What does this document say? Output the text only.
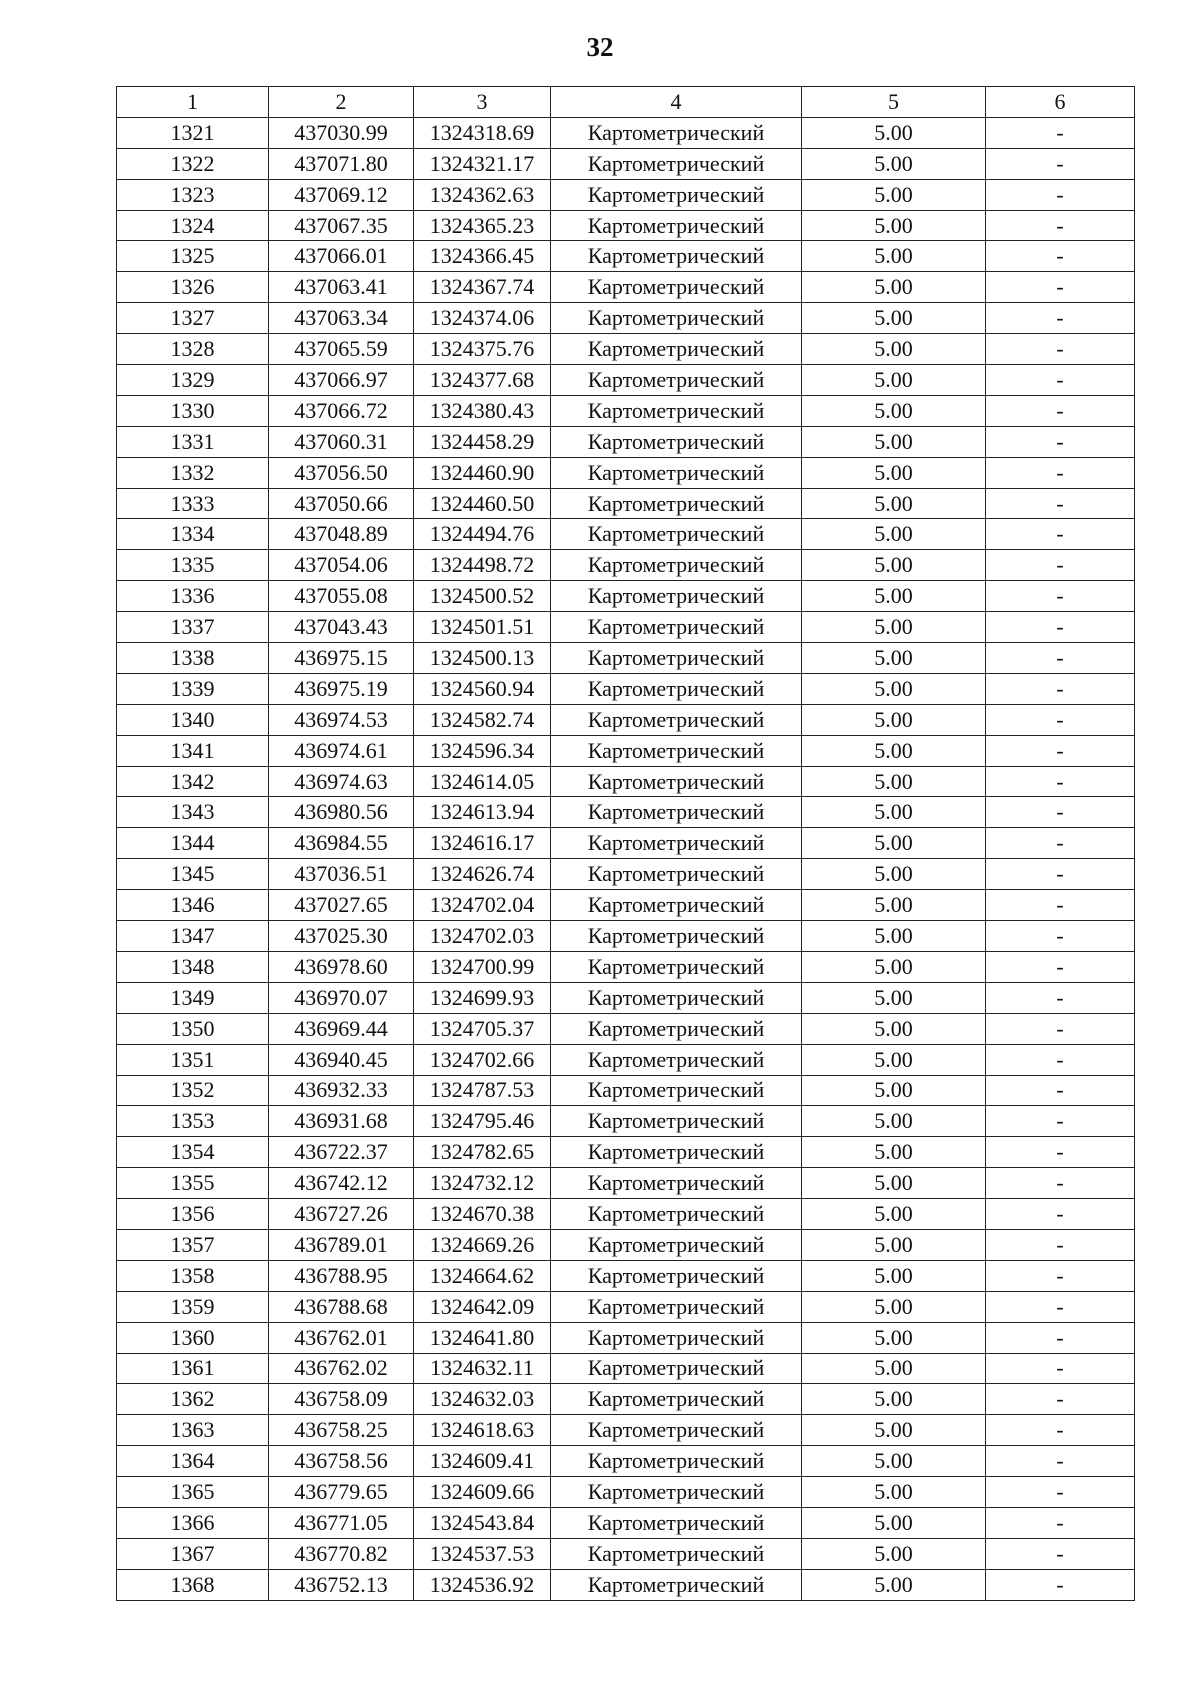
32
1	2	3	4	5	6
1321	437030.99	1324318.69	Картометрический	5.00	-
1322	437071.80	1324321.17	Картометрический	5.00	-
1323	437069.12	1324362.63	Картометрический	5.00	-
1324	437067.35	1324365.23	Картометрический	5.00	-
1325	437066.01	1324366.45	Картометрический	5.00	-
1326	437063.41	1324367.74	Картометрический	5.00	-
1327	437063.34	1324374.06	Картометрический	5.00	-
1328	437065.59	1324375.76	Картометрический	5.00	-
1329	437066.97	1324377.68	Картометрический	5.00	-
1330	437066.72	1324380.43	Картометрический	5.00	-
1331	437060.31	1324458.29	Картометрический	5.00	-
1332	437056.50	1324460.90	Картометрический	5.00	-
1333	437050.66	1324460.50	Картометрический	5.00	-
1334	437048.89	1324494.76	Картометрический	5.00	-
1335	437054.06	1324498.72	Картометрический	5.00	-
1336	437055.08	1324500.52	Картометрический	5.00	-
1337	437043.43	1324501.51	Картометрический	5.00	-
1338	436975.15	1324500.13	Картометрический	5.00	-
1339	436975.19	1324560.94	Картометрический	5.00	-
1340	436974.53	1324582.74	Картометрический	5.00	-
1341	436974.61	1324596.34	Картометрический	5.00	-
1342	436974.63	1324614.05	Картометрический	5.00	-
1343	436980.56	1324613.94	Картометрический	5.00	-
1344	436984.55	1324616.17	Картометрический	5.00	-
1345	437036.51	1324626.74	Картометрический	5.00	-
1346	437027.65	1324702.04	Картометрический	5.00	-
1347	437025.30	1324702.03	Картометрический	5.00	-
1348	436978.60	1324700.99	Картометрический	5.00	-
1349	436970.07	1324699.93	Картометрический	5.00	-
1350	436969.44	1324705.37	Картометрический	5.00	-
1351	436940.45	1324702.66	Картометрический	5.00	-
1352	436932.33	1324787.53	Картометрический	5.00	-
1353	436931.68	1324795.46	Картометрический	5.00	-
1354	436722.37	1324782.65	Картометрический	5.00	-
1355	436742.12	1324732.12	Картометрический	5.00	-
1356	436727.26	1324670.38	Картометрический	5.00	-
1357	436789.01	1324669.26	Картометрический	5.00	-
1358	436788.95	1324664.62	Картометрический	5.00	-
1359	436788.68	1324642.09	Картометрический	5.00	-
1360	436762.01	1324641.80	Картометрический	5.00	-
1361	436762.02	1324632.11	Картометрический	5.00	-
1362	436758.09	1324632.03	Картометрический	5.00	-
1363	436758.25	1324618.63	Картометрический	5.00	-
1364	436758.56	1324609.41	Картометрический	5.00	-
1365	436779.65	1324609.66	Картометрический	5.00	-
1366	436771.05	1324543.84	Картометрический	5.00	-
1367	436770.82	1324537.53	Картометрический	5.00	-
1368	436752.13	1324536.92	Картометрический	5.00	-
